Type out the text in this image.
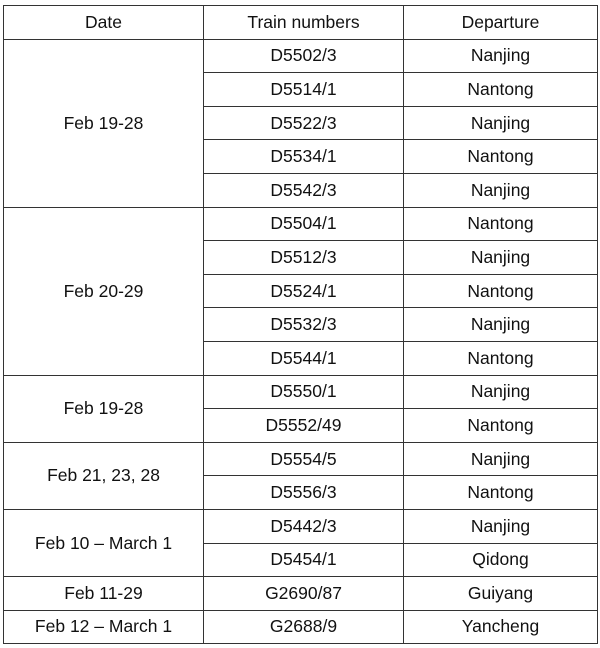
Date	Train numbers	Departure
Feb 19-28	D5502/3	Nanjing
	D5514/1	Nantong
	D5522/3	Nanjing
	D5534/1	Nantong
	D5542/3	Nanjing
Feb 20-29	D5504/1	Nantong
	D5512/3	Nanjing
	D5524/1	Nantong
	D5532/3	Nanjing
	D5544/1	Nantong
Feb 19-28	D5550/1	Nanjing
	D5552/49	Nantong
Feb 21, 23, 28	D5554/5	Nanjing
	D5556/3	Nantong
Feb 10 – March 1	D5442/3	Nanjing
	D5454/1	Qidong
Feb 11-29	G2690/87	Guiyang
Feb 12 – March 1	G2688/9	Yancheng
